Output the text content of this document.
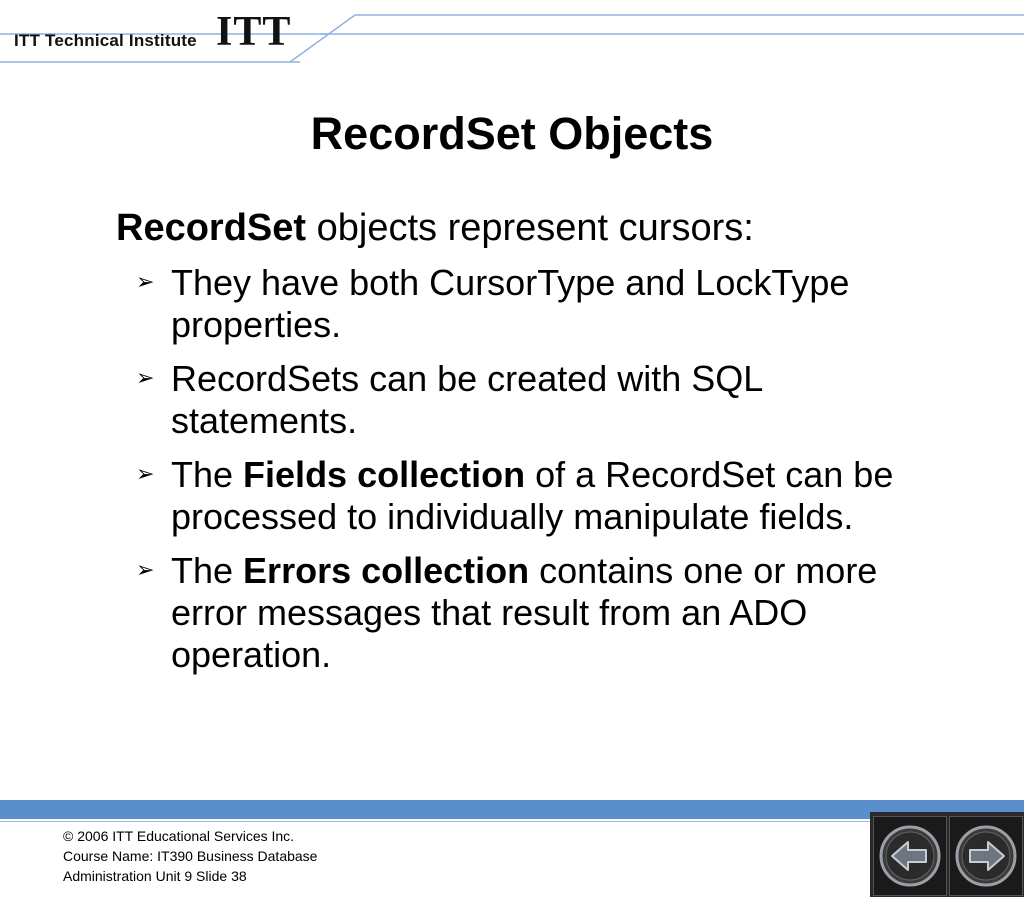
ITT Technical Institute ITT
RecordSet Objects

RecordSet objects represent cursors:

➢ They have both CursorType and LockType properties.
➢ RecordSets can be created with SQL statements.
➢ The Fields collection of a RecordSet can be processed to individually manipulate fields.
➢ The Errors collection contains one or more error messages that result from an ADO operation.
© 2006 ITT Educational Services Inc.
Course Name: IT390 Business Database
Administration Unit 9 Slide 38
